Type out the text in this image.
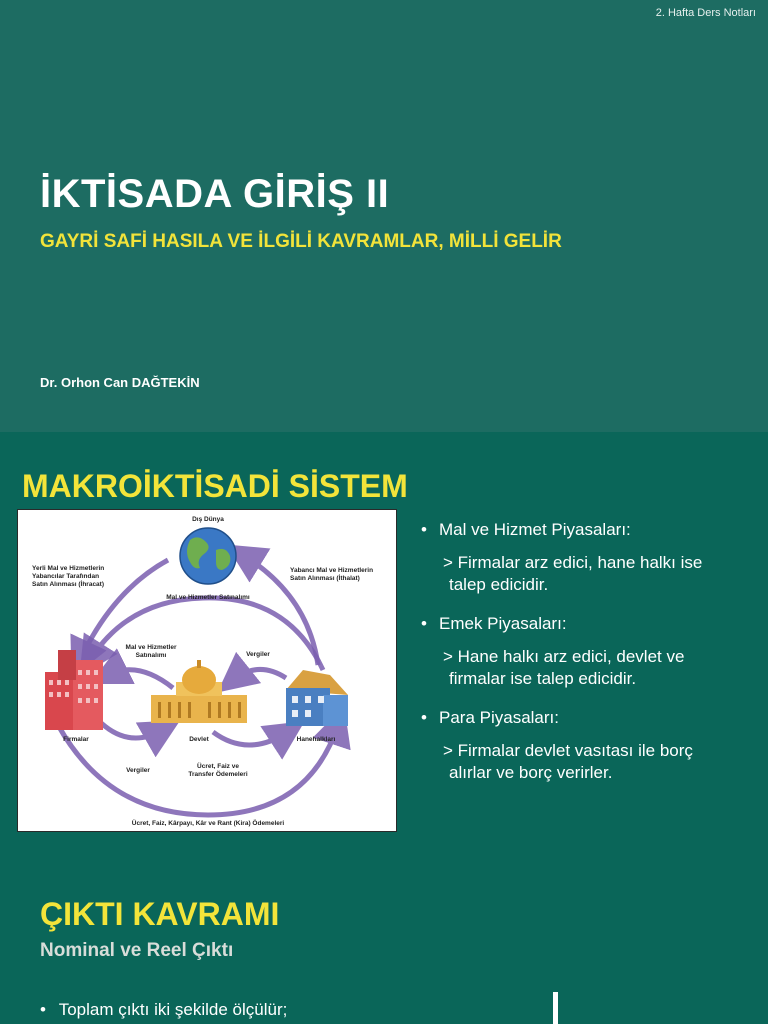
2. Hafta Ders Notları
İKTİSADA GİRİŞ II
GAYRİ SAFİ HASILA VE İLGİLİ KAVRAMLAR, MİLLİ GELİR
Dr. Orhon Can DAĞTEKİN
MAKROİKTİSADİ SİSTEM
Dış Dünya
Yerli Mal ve Hizmetlerin
Yabancılar Tarafından
Satın Alınması (İhracat)
Yabancı Mal ve Hizmetlerin
Satın Alınması (İthalat)
Mal ve Hizmetler Satınalımı
Mal ve Hizmetler
Satınalımı	Vergiler
Firmalar	Devlet	Hanehalkları
Vergiler
Ücret, Faiz ve
Transfer Ödemeleri
Ücret, Faiz, Kârpayı, Kâr ve Rant (Kira) Ödemeleri
• Mal ve Hizmet Piyasaları:
> Firmalar arz edici, hane halkı ise
talep edicidir.
• Emek Piyasaları:
> Hane halkı arz edici, devlet ve
firmalar ise talep edicidir.
• Para Piyasaları:
> Firmalar devlet vasıtası ile borç
alırlar ve borç verirler.
ÇIKTI KAVRAMI
Nominal ve Reel Çıktı
• Toplam çıktı iki şekilde ölçülür;
